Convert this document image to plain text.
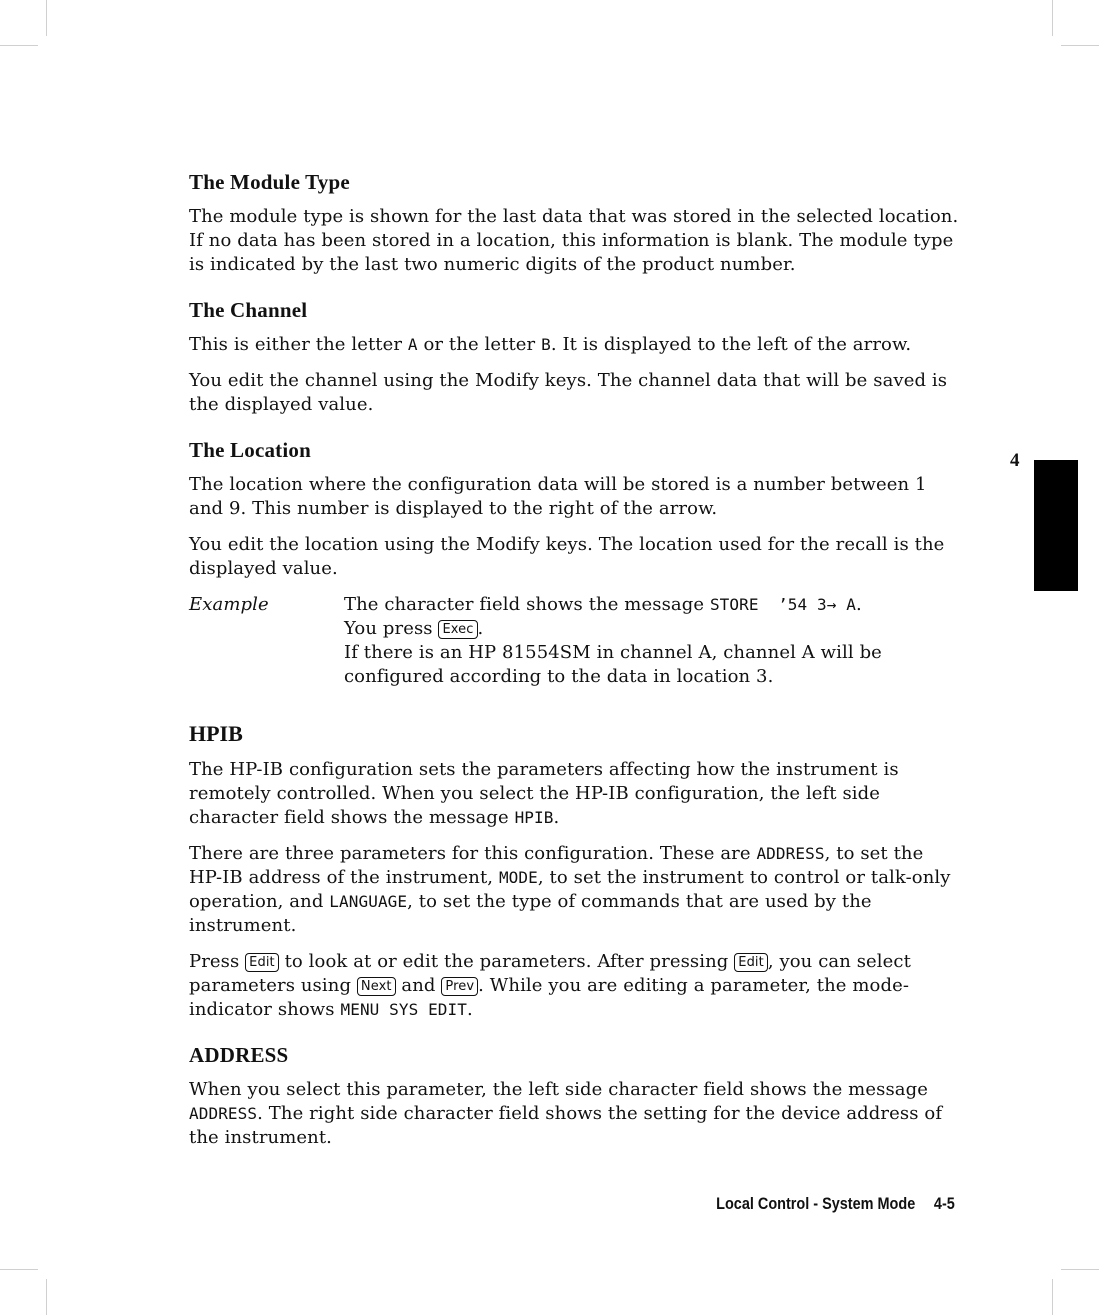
4
The Module Type

The module type is shown for the last data that was stored in the selected location. If no data has been stored in a location, this information is blank. The module type is indicated by the last two numeric digits of the product number.

The Channel

This is either the letter A or the letter B. It is displayed to the left of the arrow.

You edit the channel using the Modify keys. The channel data that will be saved is the displayed value.

The Location

The location where the configuration data will be stored is a number between 1 and 9. This number is displayed to the right of the arrow.

You edit the location using the Modify keys. The location used for the recall is the displayed value.

Example	The character field shows the message STORE  ’54 3→ A.

You press Exec .

If there is an HP 81554SM in channel A, channel A will be configured according to the data in location 3.

HPIB

The HP-IB configuration sets the parameters affecting how the instrument is remotely controlled. When you select the HP-IB configuration, the left side character field shows the message HPIB.

There are three parameters for this configuration. These are ADDRESS, to set the HP-IB address of the instrument, MODE, to set the instrument to control or talk-only operation, and LANGUAGE, to set the type of commands that are used by the instrument.

Press Edit to look at or edit the parameters. After pressing Edit , you can select parameters using Next and Prev . While you are editing a parameter, the mode-indicator shows MENU SYS EDIT.

ADDRESS

When you select this parameter, the left side character field shows the message ADDRESS. The right side character field shows the setting for the device address of the instrument.

Local Control - System Mode 4-5
